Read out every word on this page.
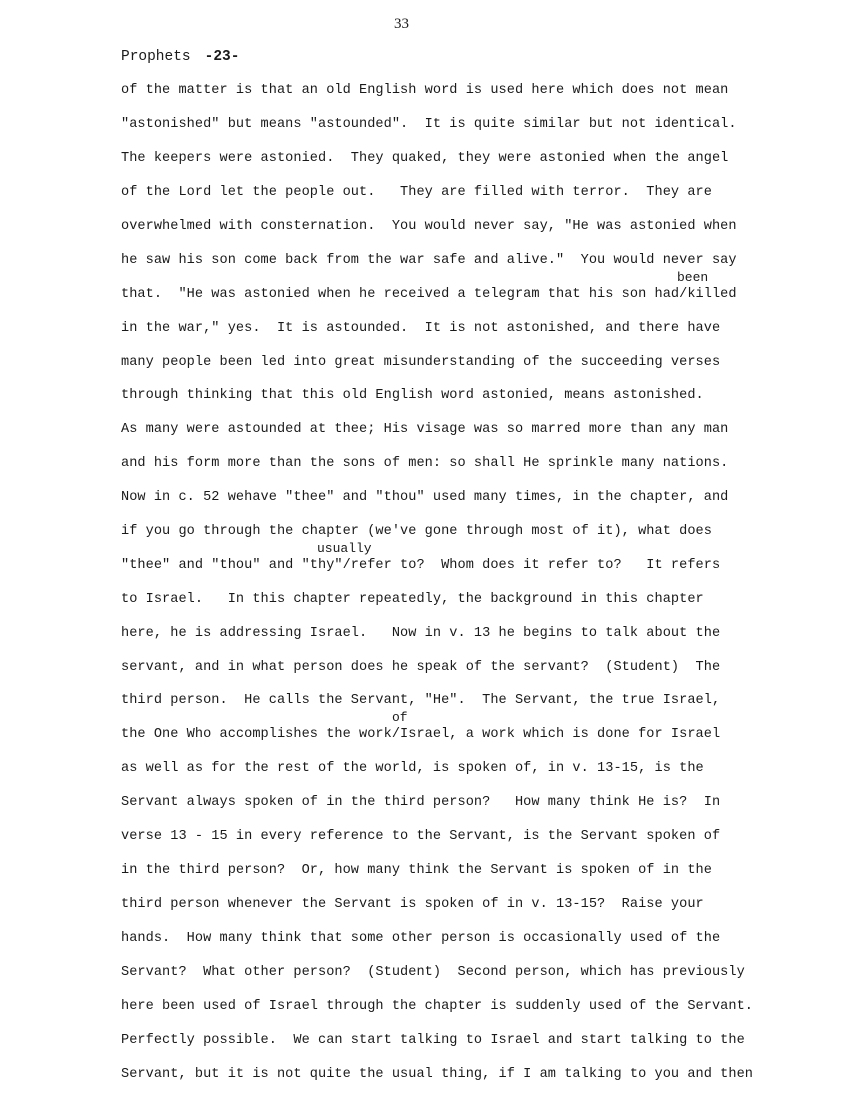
33
Prophets -23-
of the matter is that an old English word is used here which does not mean
"astonished" but means "astounded".  It is quite similar but not identical.
The keepers were astonied.  They quaked, they were astonied when the angel
of the Lord let the people out.   They are filled with terror.  They are
overwhelmed with consternation.  You would never say, "He was astonied when
he saw his son come back from the war safe and alive."  You would never say
that.  "He was astonied when he received a telegram that his son had/killed
in the war," yes.  It is astounded.  It is not astonished, and there have
many people been led into great misunderstanding of the succeeding verses
through thinking that this old English word astonied, means astonished.
As many were astounded at thee; His visage was so marred more than any man
and his form more than the sons of men: so shall He sprinkle many nations.
Now in c. 52 wehave "thee" and "thou" used many times, in the chapter, and
if you go through the chapter (we've gone through most of it), what does
"thee" and "thou" and "thy"/refer to?  Whom does it refer to?   It refers
to Israel.   In this chapter repeatedly, the background in this chapter
here, he is addressing Israel.   Now in v. 13 he begins to talk about the
servant, and in what person does he speak of the servant?  (Student)  The
third person.  He calls the Servant, "He".  The Servant, the true Israel,
the One Who accomplishes the work/Israel, a work which is done for Israel
as well as for the rest of the world, is spoken of, in v. 13-15, is the
Servant always spoken of in the third person?   How many think He is?  In
verse 13 - 15 in every reference to the Servant, is the Servant spoken of
in the third person?  Or, how many think the Servant is spoken of in the
third person whenever the Servant is spoken of in v. 13-15?  Raise your
hands.  How many think that some other person is occasionally used of the
Servant?  What other person?  (Student)  Second person, which has previously
here been used of Israel through the chapter is suddenly used of the Servant.
Perfectly possible.  We can start talking to Israel and start talking to the
Servant, but it is not quite the usual thing, if I am talking to you and then
been
usually
of
